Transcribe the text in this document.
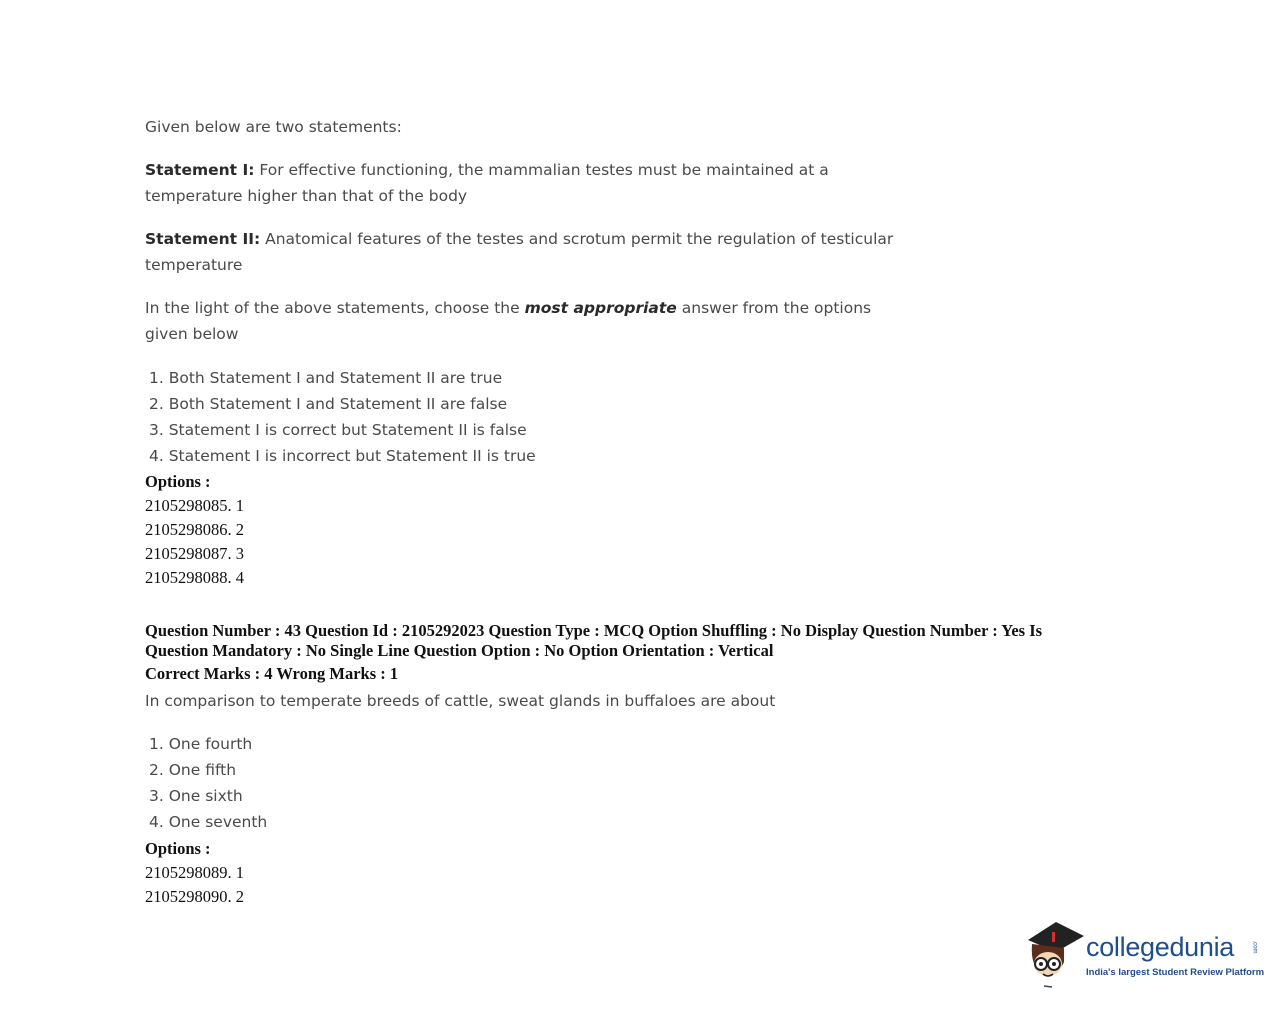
Given below are two statements:
Statement I: For effective functioning, the mammalian testes must be maintained at a
temperature higher than that of the body
Statement II: Anatomical features of the testes and scrotum permit the regulation of testicular
temperature
In the light of the above statements, choose the most appropriate answer from the options
given below
1. Both Statement I and Statement II are true
2. Both Statement I and Statement II are false
3. Statement I is correct but Statement II is false
4. Statement I is incorrect but Statement II is true
Options :
2105298085. 1
2105298086. 2
2105298087. 3
2105298088. 4
Question Number : 43 Question Id : 2105292023 Question Type : MCQ Option Shuffling : No Display Question Number : Yes Is
Question Mandatory : No Single Line Question Option : No Option Orientation : Vertical
Correct Marks : 4 Wrong Marks : 1
In comparison to temperate breeds of cattle, sweat glands in buffaloes are about
1. One fourth
2. One fifth
3. One sixth
4. One seventh
Options :
2105298089. 1
2105298090. 2
collegedunia	.com
India's largest Student Review Platform
